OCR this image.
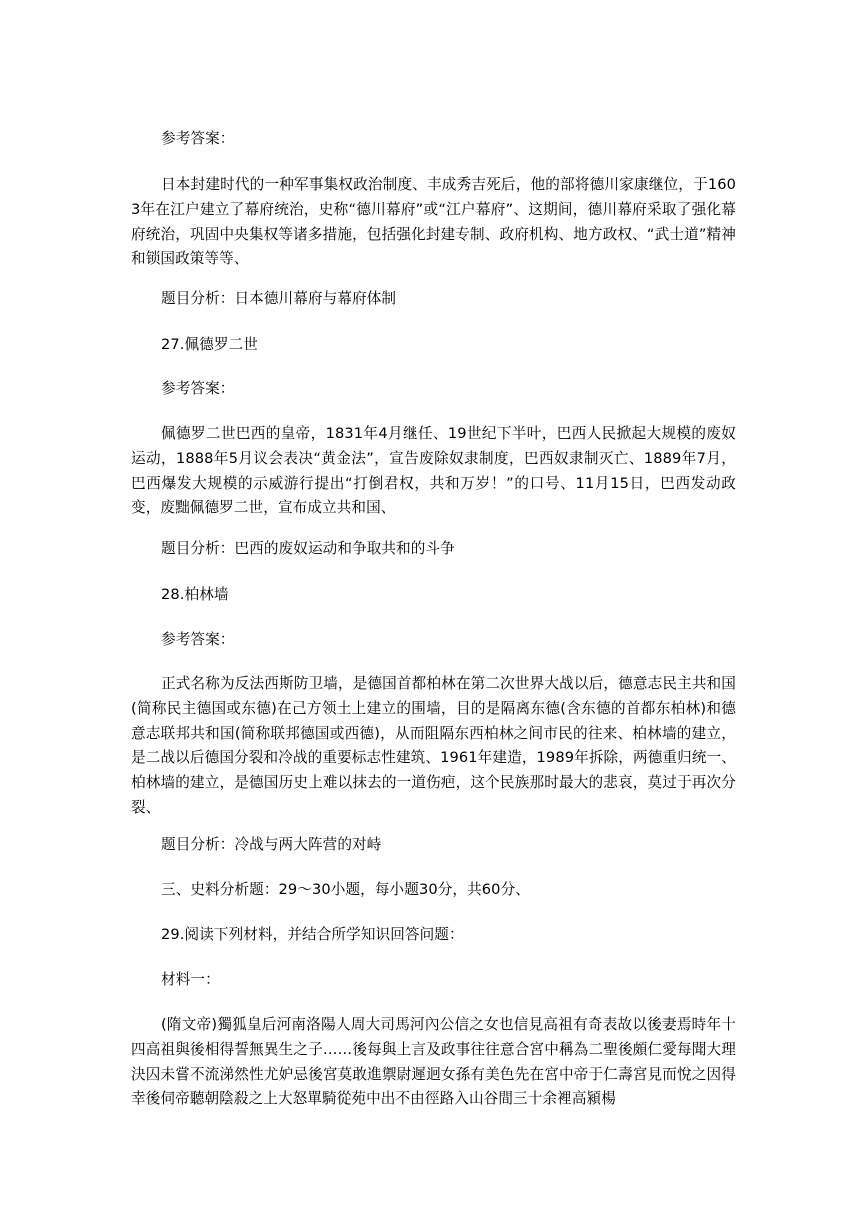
参考答案：

日本封建时代的一种军事集权政治制度、丰成秀吉死后，他的部将德川家康继位，于1603年在江户建立了幕府统治，史称“德川幕府”或“江户幕府”、这期间，德川幕府采取了强化幕府统治，巩固中央集权等诸多措施，包括强化封建专制、政府机构、地方政权、“武士道”精神和锁国政策等等、

题目分析：日本德川幕府与幕府体制

27.佩德罗二世

参考答案：

佩德罗二世巴西的皇帝，1831年4月继任、19世纪下半叶，巴西人民掀起大规模的废奴运动，1888年5月议会表决“黄金法”，宣告废除奴隶制度，巴西奴隶制灭亡、1889年7月，巴西爆发大规模的示威游行提出“打倒君权，共和万岁！”的口号、11月15日，巴西发动政变，废黜佩德罗二世，宣布成立共和国、

题目分析：巴西的废奴运动和争取共和的斗争

28.柏林墙

参考答案：

正式名称为反法西斯防卫墙，是德国首都柏林在第二次世界大战以后，德意志民主共和国(简称民主德国或东德)在己方领土上建立的围墙，目的是隔离东德(含东德的首都东柏林)和德意志联邦共和国(简称联邦德国或西德)，从而阻隔东西柏林之间市民的往来、柏林墙的建立，是二战以后德国分裂和冷战的重要标志性建筑、1961年建造，1989年拆除，两德重归统一、柏林墙的建立，是德国历史上难以抹去的一道伤疤，这个民族那时最大的悲哀，莫过于再次分裂、

题目分析：冷战与两大阵营的对峙

三、史料分析题：29～30小题，每小题30分，共60分、

29.阅读下列材料，并结合所学知识回答问题：

材料一：

(隋文帝)獨狐皇后河南洛陽人周大司馬河內公信之女也信見高祖有奇表故以後妻焉時年十四高祖與後相得誓無異生之子……後每與上言及政事往往意合宮中稱為二聖後頗仁愛每聞大理決囚未嘗不流涕然性尤妒忌後宮莫敢進禦尉遲迥女孫有美色先在宮中帝于仁壽宮見而悅之因得幸後伺帝聽朝陰殺之上大怒單騎從苑中出不由徑路入山谷間三十余裡高潁楊
